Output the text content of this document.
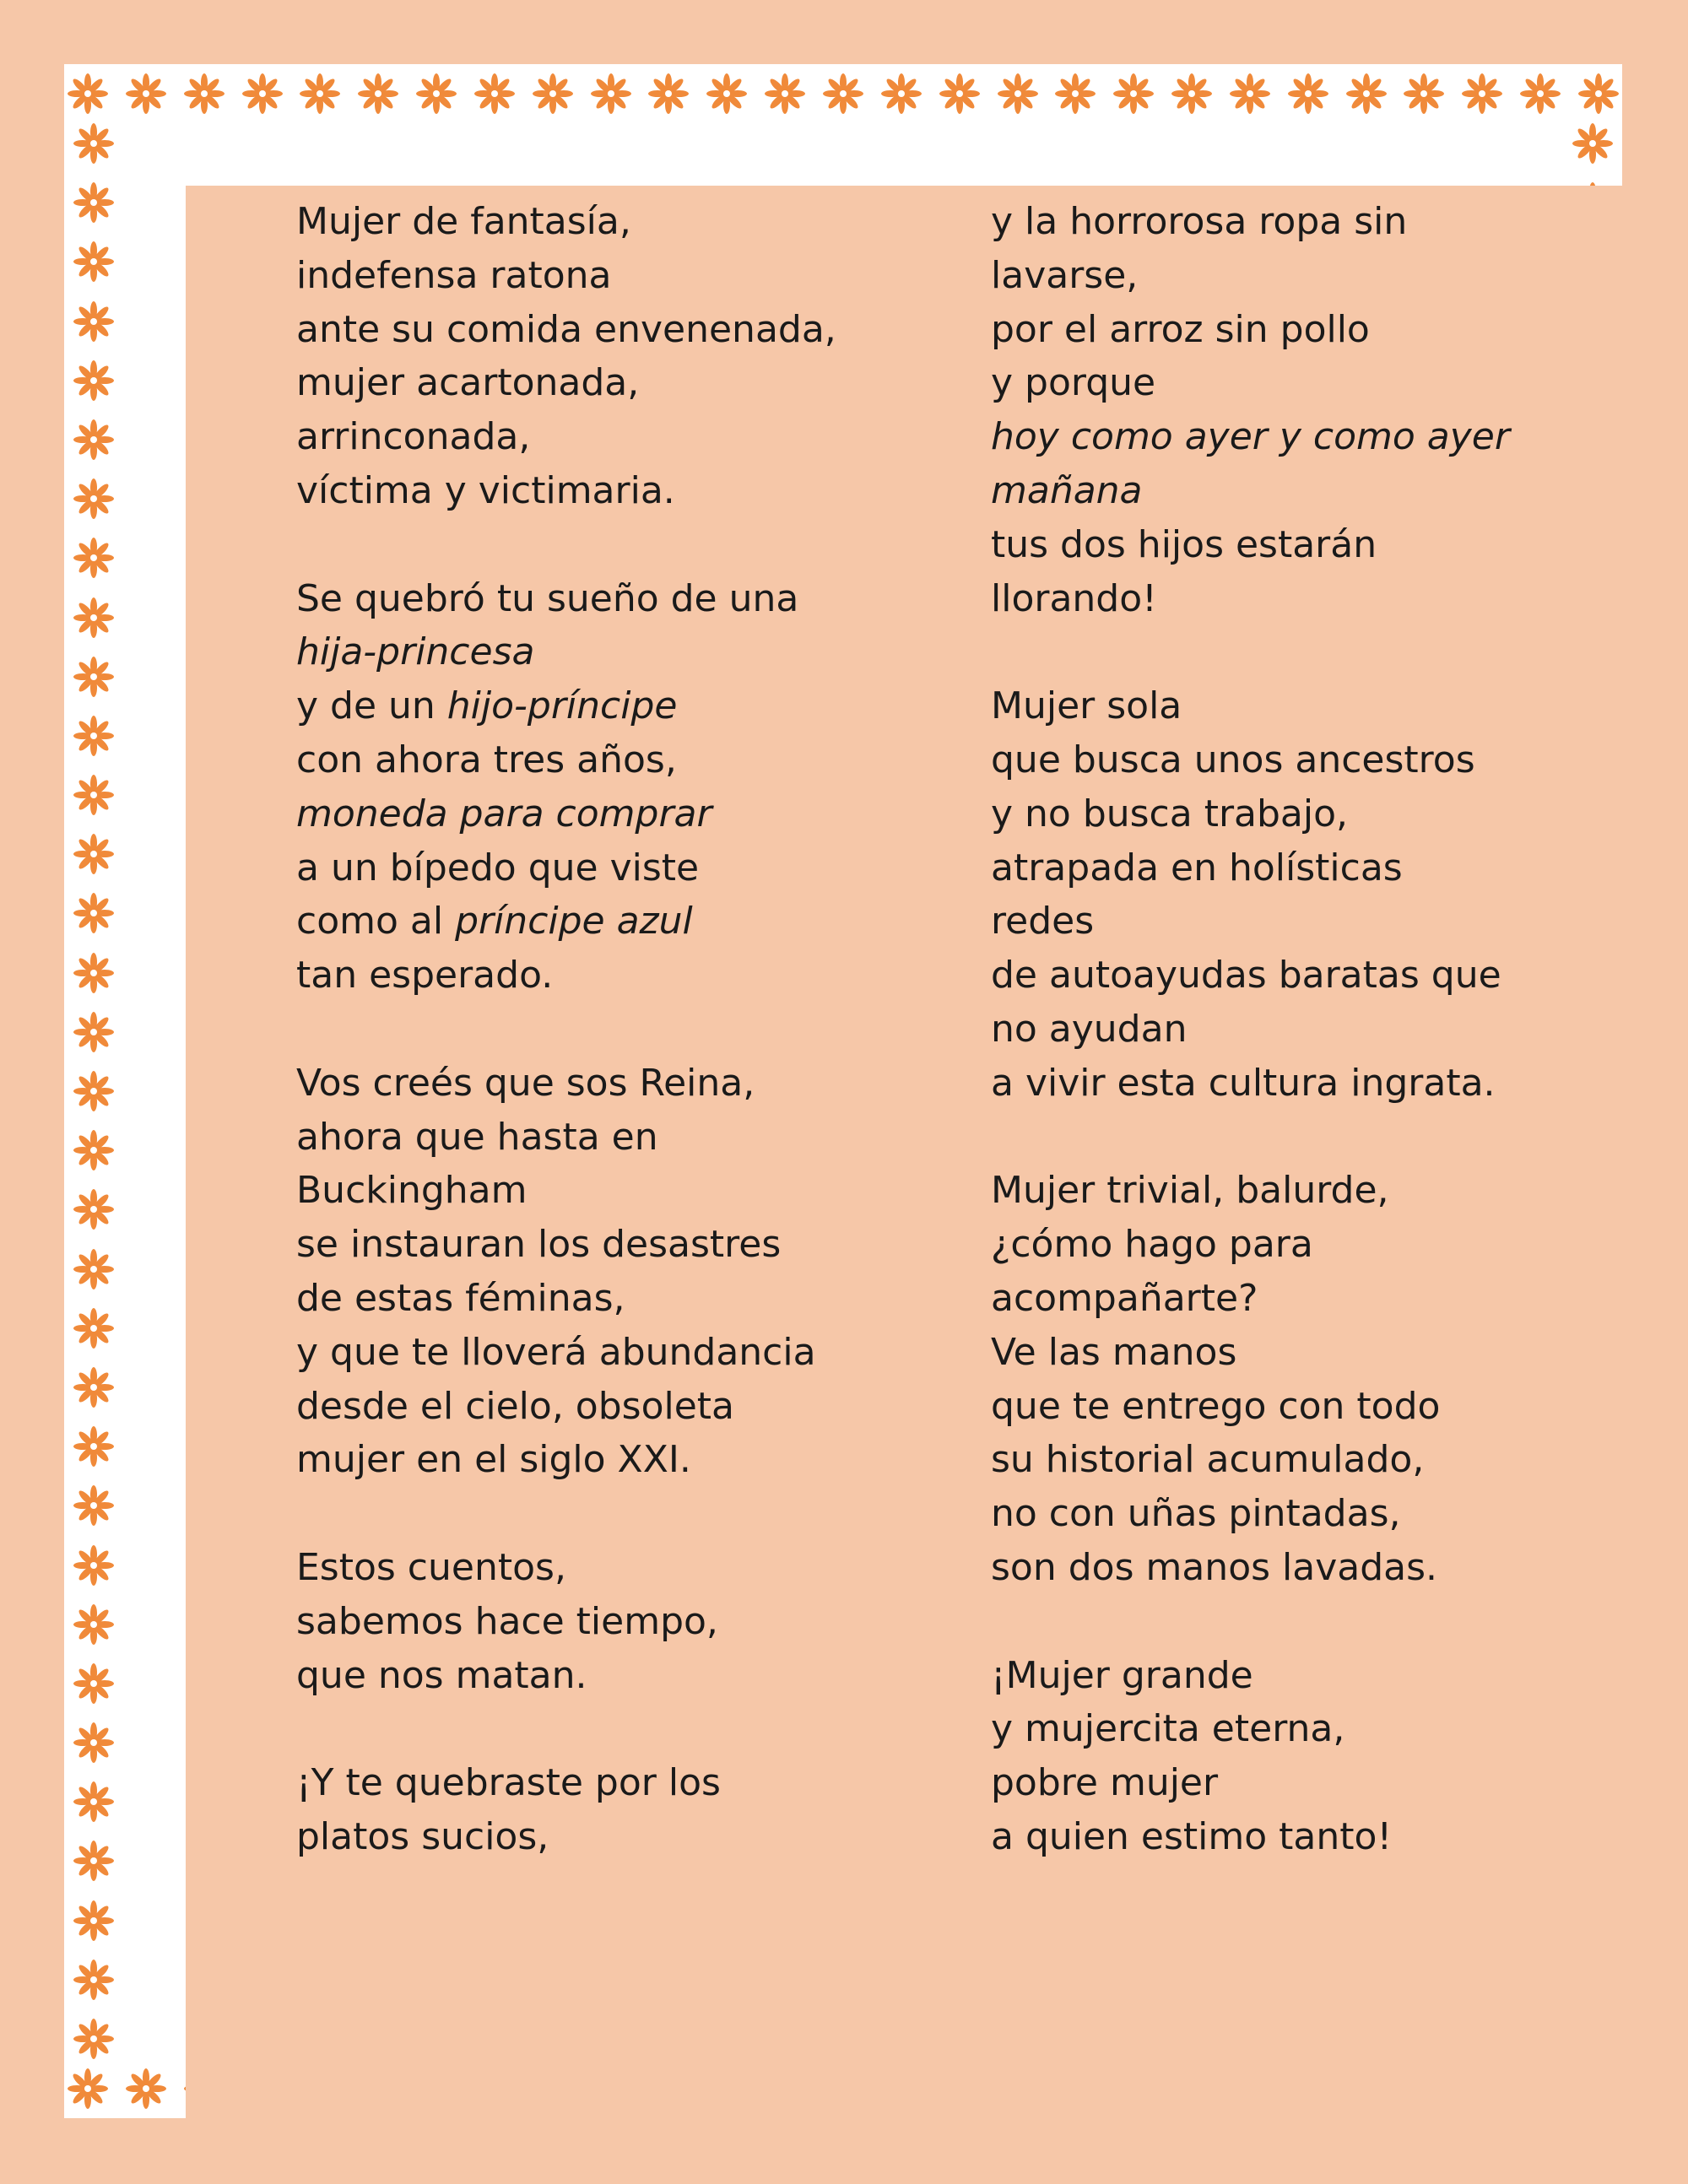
Mujer de fantasía,
indefensa ratona
ante su comida envenenada,
mujer acartonada,
arrinconada,
víctima y victimaria.
Se quebró tu sueño de una
hija-princesa
y de un hijo-príncipe
con ahora tres años,
moneda para comprar
a un bípedo que viste
como al príncipe azul
tan esperado.
Vos creés que sos Reina,
ahora que hasta en
Buckingham
se instauran los desastres
de estas féminas,
y que te lloverá abundancia
desde el cielo, obsoleta
mujer en el siglo XXI.
Estos cuentos,
sabemos hace tiempo,
que nos matan.
¡Y te quebraste por los
platos sucios,
y la horrorosa ropa sin
lavarse,
por el arroz sin pollo
y porque
hoy como ayer y como ayer
mañana
tus dos hijos estarán
llorando!
Mujer sola
que busca unos ancestros
y no busca trabajo,
atrapada en holísticas
redes
de autoayudas baratas que
no ayudan
a vivir esta cultura ingrata.
Mujer trivial, balurde,
¿cómo hago para
acompañarte?
Ve las manos
que te entrego con todo
su historial acumulado,
no con uñas pintadas,
son dos manos lavadas.
¡Mujer grande
y mujercita eterna,
pobre mujer
a quien estimo tanto!
